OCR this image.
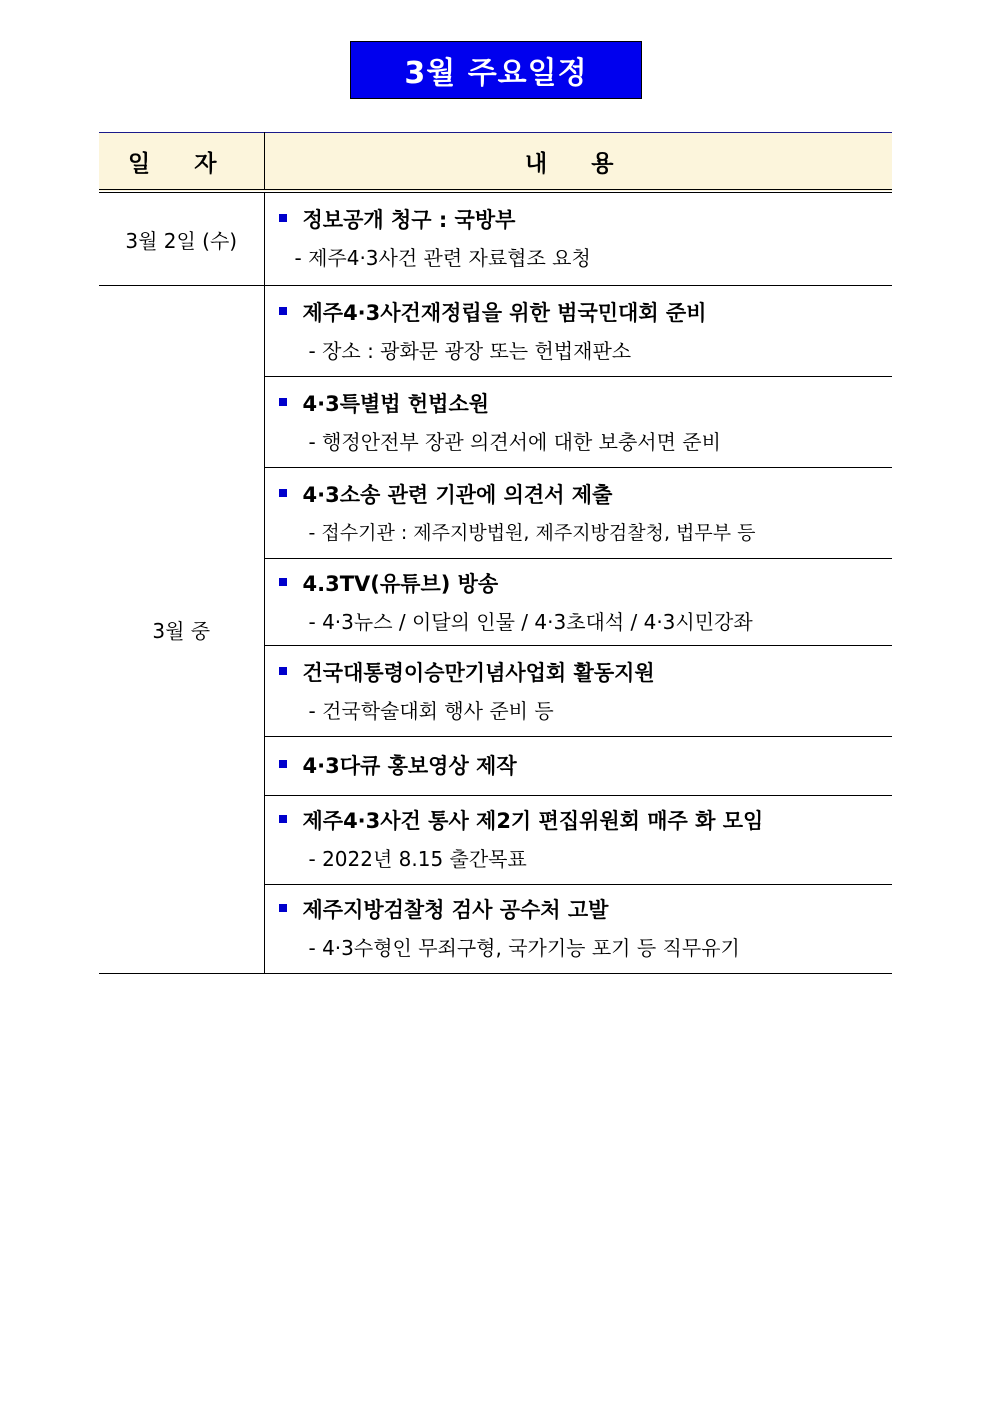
3월 주요일정
일 자	내 용
3월 2일 (수)	정보공개 청구 : 국방부
- 제주4·3사건 관련 자료협조 요청

3월 중	제주4·3사건재정립을 위한 범국민대회 준비
- 장소 : 광화문 광장 또는 헌법재판소

	4·3특별법 헌법소원
- 행정안전부 장관 의견서에 대한 보충서면 준비

	4·3소송 관련 기관에 의견서 제출
- 접수기관 : 제주지방법원, 제주지방검찰청, 법무부 등

	4.3TV(유튜브) 방송
- 4·3뉴스 / 이달의 인물 / 4·3초대석 / 4·3시민강좌

	건국대통령이승만기념사업회 활동지원
- 건국학술대회 행사 준비 등

	4·3다큐 홍보영상 제작

	제주4·3사건 통사 제2기 편집위원회 매주 화 모임
- 2022년 8.15 출간목표

	제주지방검찰청 검사 공수처 고발
- 4·3수형인 무죄구형, 국가기능 포기 등 직무유기
